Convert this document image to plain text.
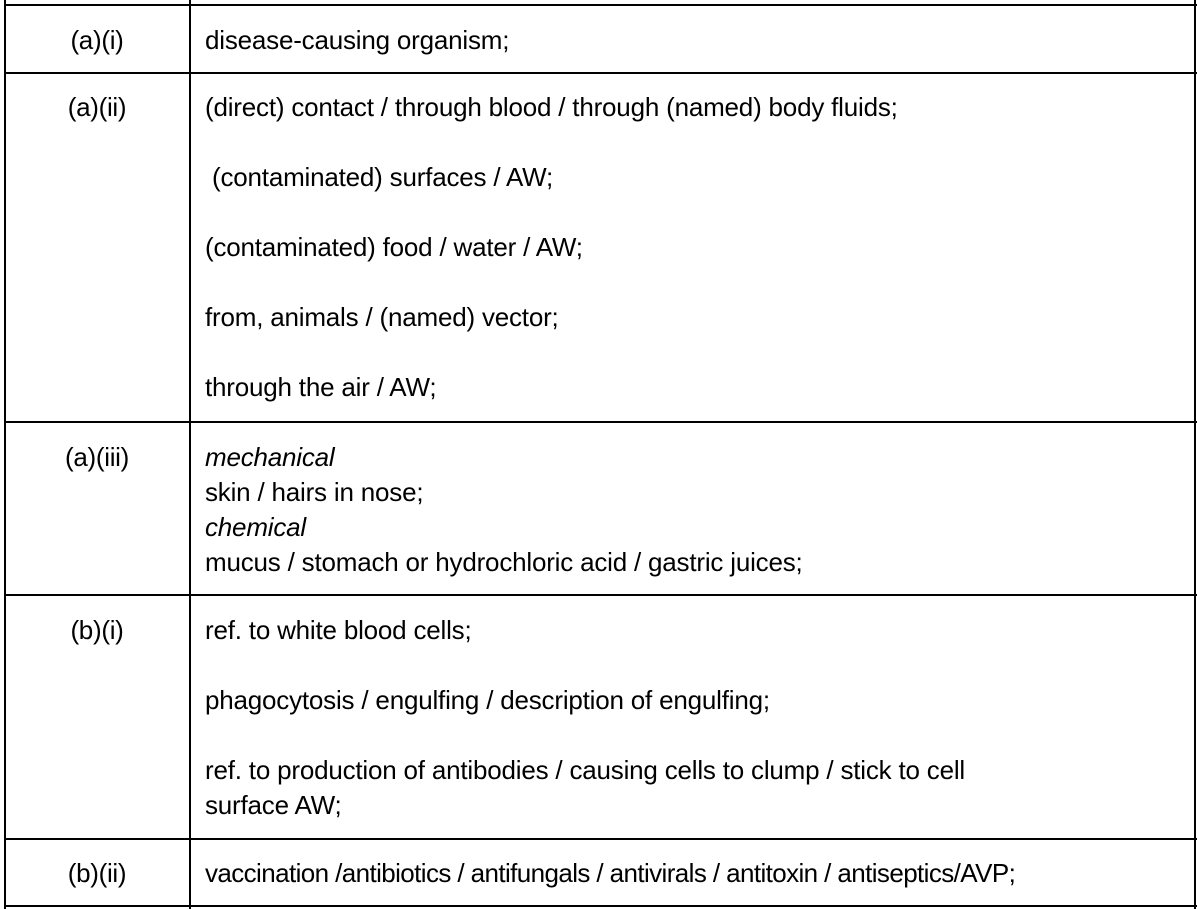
(a)(i)	disease-causing organism;
(a)(ii)	(direct) contact / through blood / through (named) body fluids;
(contaminated) surfaces / AW;
(contaminated) food / water / AW;
from, animals / (named) vector;
through the air / AW;
(a)(iii)	mechanical
skin / hairs in nose;
chemical
mucus / stomach or hydrochloric acid / gastric juices;
(b)(i)	ref. to white blood cells;
phagocytosis / engulfing / description of engulfing;
ref. to production of antibodies / causing cells to clump / stick to cell
surface AW;
(b)(ii)	vaccination /antibiotics / antifungals / antivirals / antitoxin / antiseptics/AVP;
